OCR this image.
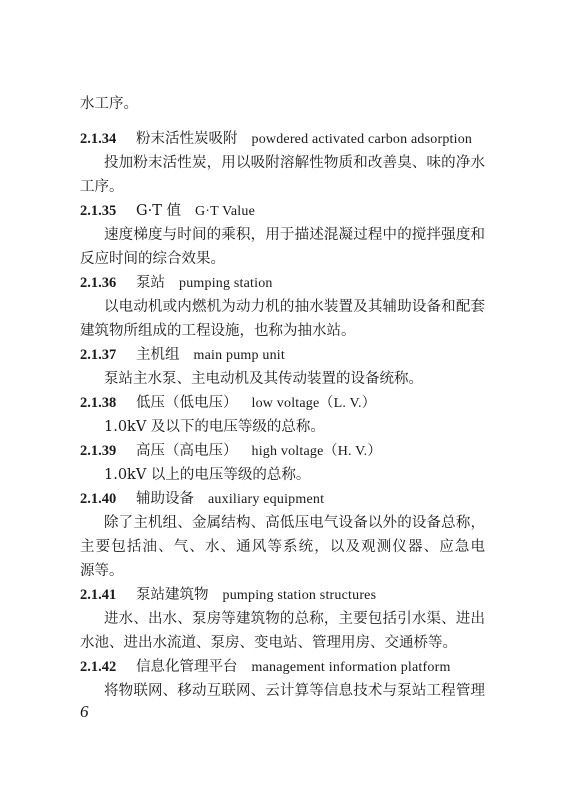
水工序。
2.1.34 粉末活性炭吸附 powdered activated carbon adsorption
投加粉末活性炭，用以吸附溶解性物质和改善臭、味的净水
工序。
2.1.35 G·T 值 G·T Value
速度梯度与时间的乘积，用于描述混凝过程中的搅拌强度和
反应时间的综合效果。
2.1.36 泵站 pumping station
以电动机或内燃机为动力机的抽水装置及其辅助设备和配套
建筑物所组成的工程设施，也称为抽水站。
2.1.37 主机组 main pump unit
泵站主水泵、主电动机及其传动装置的设备统称。
2.1.38 低压（低电压） low voltage（L. V.）
1.0kV 及以下的电压等级的总称。
2.1.39 高压（高电压） high voltage（H. V.）
1.0kV 以上的电压等级的总称。
2.1.40 辅助设备 auxiliary equipment
除了主机组、金属结构、高低压电气设备以外的设备总称，
主要包括油、气、水、通风等系统，以及观测仪器、应急电
源等。
2.1.41 泵站建筑物 pumping station structures
进水、出水、泵房等建筑物的总称，主要包括引水渠、进出
水池、进出水流道、泵房、变电站、管理用房、交通桥等。
2.1.42 信息化管理平台 management information platform
将物联网、移动互联网、云计算等信息技术与泵站工程管理
6
